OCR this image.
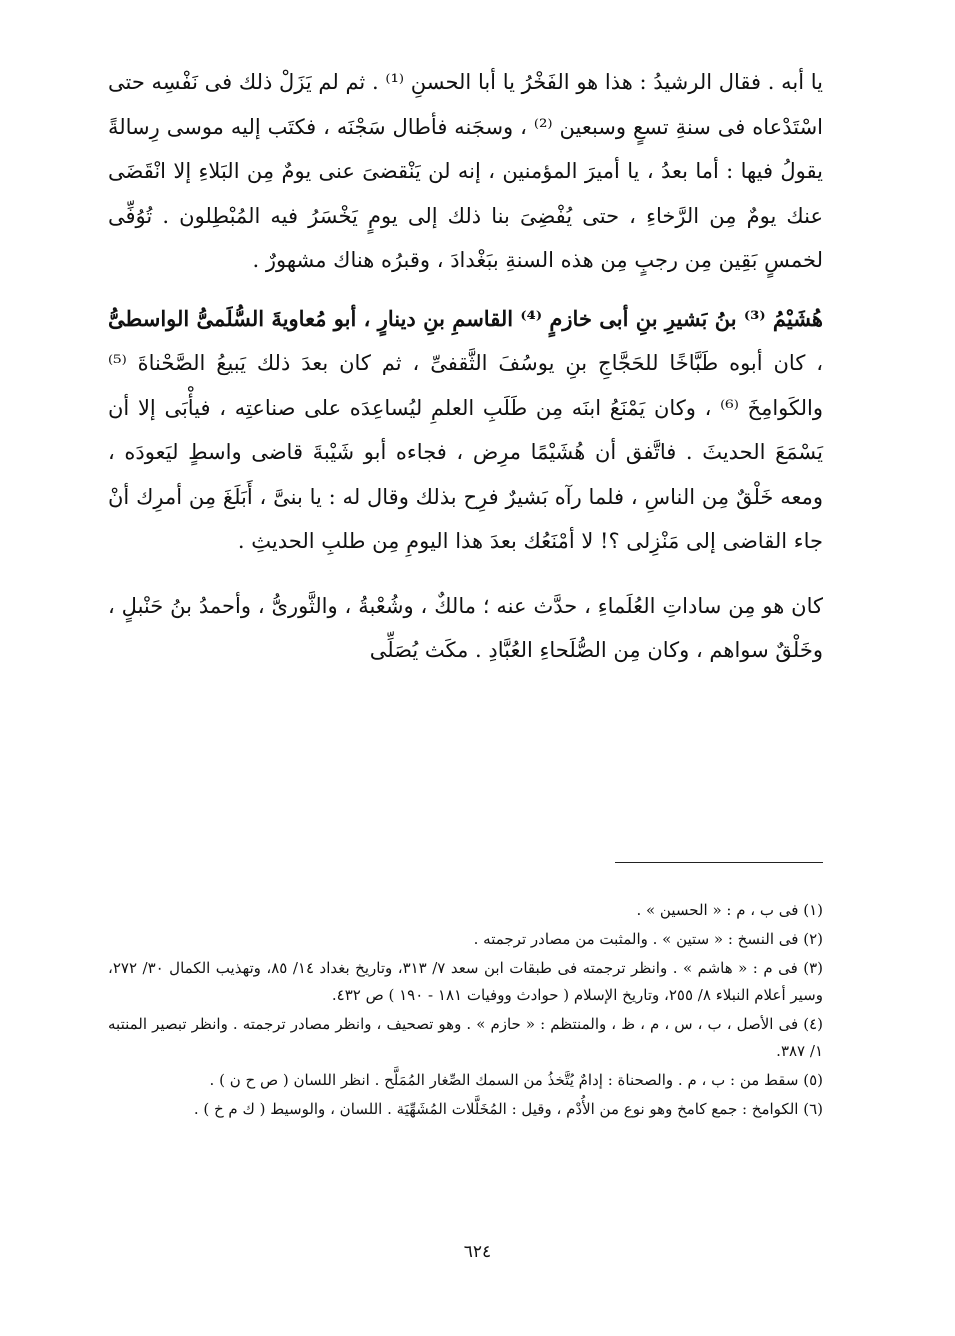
يا أبه . فقال الرشيدُ : هذا هو الفَخْرُ يا أبا الحسنِ ⁽¹⁾ . ثم لم يَزَلْ ذلك فى نَفْسِه حتى اسْتَدْعاه فى سنةِ تسعٍ وسبعين ⁽²⁾ ، وسجَنه فأطال سَجْنَه ، فكتَب إليه موسى رِسالةً يقولُ فيها : أما بعدُ ، يا أميرَ المؤمنين ، إنه لن يَنْقضىَ عنى يومٌ مِن البَلاءِ إلا انْقَضَى عنك يومٌ مِن الرَّخاءِ ، حتى يُفْضِىَ بنا ذلك إلى يومٍ يَخْسَرُ فيه المُبْطِلون . تُوُفِّى لخمسٍ بَقِين مِن رجبٍ مِن هذه السنةِ ببَغْدادَ ، وقبرُه هناك مشهورٌ .

هُشَيْمُ ⁽³⁾ بنُ بَشيرِ بنِ أبى خازمٍ ⁽⁴⁾ القاسمِ بنِ دينارٍ ، أبو مُعاويةَ السُّلَمىُّ الواسطىُّ ، كان أبوه طَبَّاخًا للحَجَّاجِ بنِ يوسُفَ الثَّقفىِّ ، ثم كان بعدَ ذلك يَبيعُ الصَّحْناةَ ⁽⁵⁾ والكَوامِخَ ⁽⁶⁾ ، وكان يَمْنَعُ ابنَه مِن طَلَبِ العلمِ ليُساعِدَه على صناعتِه ، فيأْبَى إلا أن يَسْمَعَ الحديثَ . فاتَّفق أن هُشَيْمًا مرِض ، فجاءه أبو شَيْبةَ قاضى واسطٍ ليَعودَه ، ومعه خَلْقٌ مِن الناسِ ، فلما رآه بَشيرٌ فرِح بذلك وقال له : يا بنىَّ ، أَبَلَغَ مِن أمرِك أنْ جاء القاضى إلى مَنْزِلى ؟! لا أمْنَعُك بعدَ هذا اليومِ مِن طلبِ الحديثِ .

كان هو مِن ساداتِ العُلَماءِ ، حدَّث عنه ؛ مالكٌ ، وشُعْبةُ ، والثَّورىُّ ، وأحمدُ بنُ حَنْبلٍ ، وخَلْقٌ سواهم ، وكان مِن الصُّلَحاءِ العُبَّادِ . مكَث يُصَلِّى

(١) فى ب ، م : « الحسين » .

(٢) فى النسخ : « ستين » . والمثبت من مصادر ترجمته .

(٣) فى م : « هاشم » . وانظر ترجمته فى طبقات ابن سعد ٧/ ٣١٣، وتاريخ بغداد ١٤/ ٨٥، وتهذيب الكمال ٣٠/ ٢٧٢، وسير أعلام النبلاء ٨/ ٢٥٥، وتاريخ الإسلام ( حوادث ووفيات ١٨١ - ١٩٠ ) ص ٤٣٢.

(٤) فى الأصل ، ب ، س ، م ، ظ ، والمنتظم : « حازم » . وهو تصحيف ، وانظر مصادر ترجمته . وانظر تبصير المنتبه ١/ ٣٨٧.

(٥) سقط من : ب ، م . والصحناة : إدامٌ يُتَّخذُ من السمك الصِّغار المُمَلَّح . انظر اللسان ( ص ح ن ) .

(٦) الكوامخ : جمع كامخ وهو نوع من الأُدْم ، وقيل : المُخَلَّلات المُشَهِّيَة . اللسان ، والوسيط ( ك م خ ) .

٦٢٤
